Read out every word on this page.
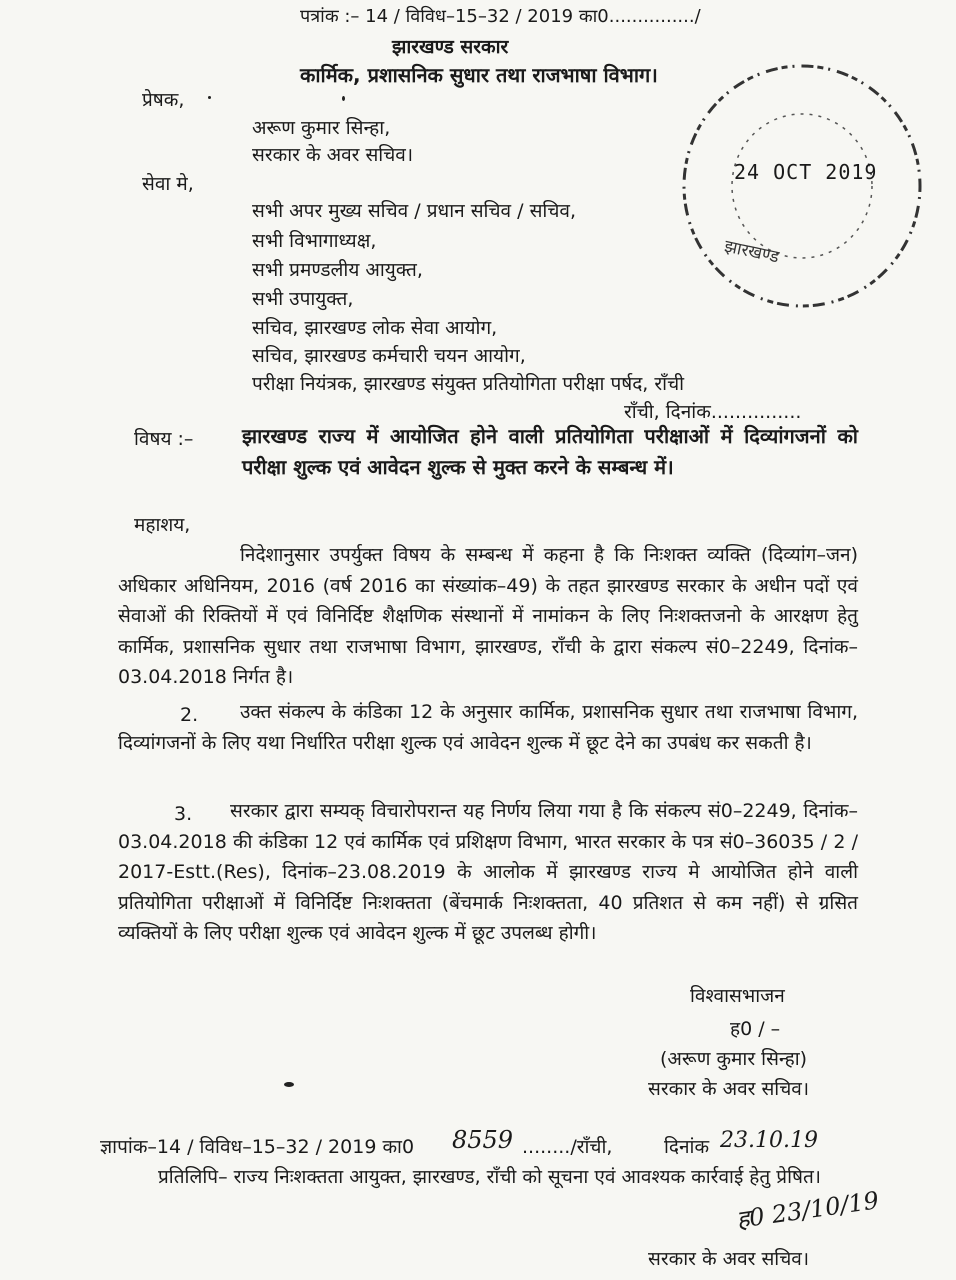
पत्रांक :– 14 / विविध–15–32 / 2019 का0.............../
झारखण्ड सरकार
कार्मिक, प्रशासनिक सुधार तथा राजभाषा विभाग।
प्रेषक,
अरूण कुमार सिन्हा,
सरकार के अवर सचिव।
24 OCT 2019
झारखण्ड
सेवा मे,
सभी अपर मुख्य सचिव / प्रधान सचिव / सचिव,
सभी विभागाध्यक्ष,
सभी प्रमण्डलीय आयुक्त,
सभी उपायुक्त,
सचिव, झारखण्ड लोक सेवा आयोग,
सचिव, झारखण्ड कर्मचारी चयन आयोग,
परीक्षा नियंत्रक, झारखण्ड संयुक्त प्रतियोगिता परीक्षा पर्षद, राँची
राँची, दिनांक...............
विषय :– झारखण्ड राज्य में आयोजित होने वाली प्रतियोगिता परीक्षाओं में दिव्यांगजनों को परीक्षा शुल्क एवं आवेदन शुल्क से मुक्त करने के सम्बन्ध में।
महाशय,
निदेशानुसार उपर्युक्त विषय के सम्बन्ध में कहना है कि निःशक्त व्यक्ति (दिव्यांग–जन) अधिकार अधिनियम, 2016 (वर्ष 2016 का संख्यांक–49) के तहत झारखण्ड सरकार के अधीन पदों एवं सेवाओं की रिक्तियों में एवं विनिर्दिष्ट शैक्षणिक संस्थानों में नामांकन के लिए निःशक्तजनो के आरक्षण हेतु कार्मिक, प्रशासनिक सुधार तथा राजभाषा विभाग, झारखण्ड, राँची के द्वारा संकल्प सं0–2249, दिनांक–03.04.2018 निर्गत है।
2.	उक्त संकल्प के कंडिका 12 के अनुसार कार्मिक, प्रशासनिक सुधार तथा राजभाषा विभाग, दिव्यांगजनों के लिए यथा निर्धारित परीक्षा शुल्क एवं आवेदन शुल्क में छूट देने का उपबंध कर सकती है।
3.	सरकार द्वारा सम्यक् विचारोपरान्त यह निर्णय लिया गया है कि संकल्प सं0–2249, दिनांक–03.04.2018 की कंडिका 12 एवं कार्मिक एवं प्रशिक्षण विभाग, भारत सरकार के पत्र सं0–36035 / 2 / 2017-Estt.(Res), दिनांक–23.08.2019 के आलोक में झारखण्ड राज्य मे आयोजित होने वाली प्रतियोगिता परीक्षाओं में विनिर्दिष्ट निःशक्तता (बेंचमार्क निःशक्तता, 40 प्रतिशत से कम नहीं) से ग्रसित व्यक्तियों के लिए परीक्षा शुल्क एवं आवेदन शुल्क में छूट उपलब्ध होगी।
विश्वासभाजन
ह0 / –
(अरूण कुमार सिन्हा)
सरकार के अवर सचिव।
ज्ञापांक–14 / विविध–15–32 / 2019 का0 8559 ......../राँची,	दिनांक 23.10.19
प्रतिलिपि– राज्य निःशक्तता आयुक्त, झारखण्ड, राँची को सूचना एवं आवश्यक कार्रवाई हेतु प्रेषित।
ह0 23/10/19
सरकार के अवर सचिव।
